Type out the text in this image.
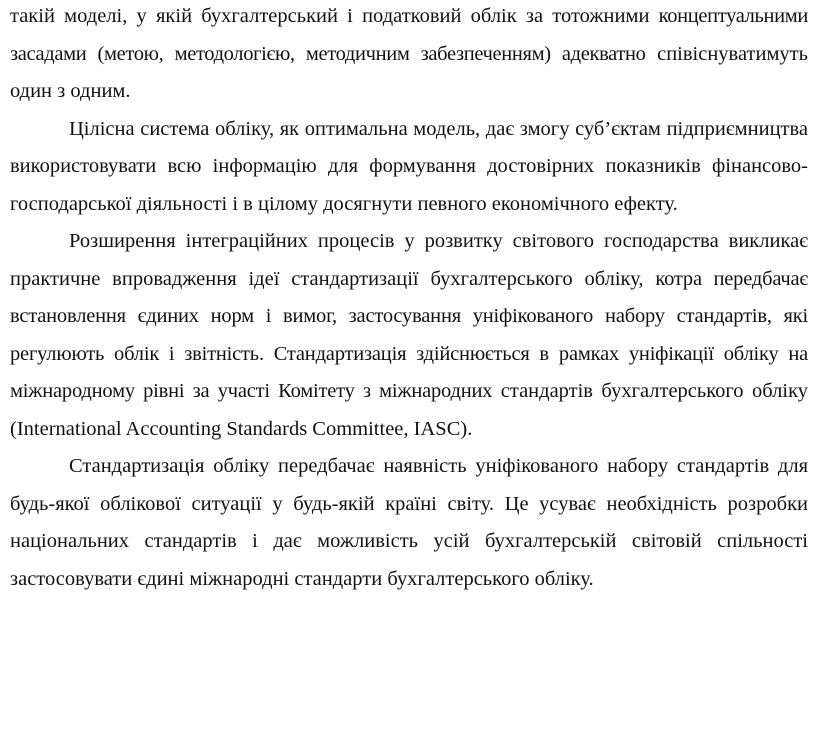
такій моделі, у якій бухгалтерський і податковий облік за тотожними концептуальними засадами (метою, методологією, методичним забезпеченням) адекватно співіснуватимуть один з одним.

Цілісна система обліку, як оптимальна модель, дає змогу суб’єктам підприємництва використовувати всю інформацію для формування достовірних показників фінансово-господарської діяльності і в цілому досягнути певного економічного ефекту.

Розширення інтеграційних процесів у розвитку світового господарства викликає практичне впровадження ідеї стандартизації бухгалтерського обліку, котра передбачає встановлення єдиних норм і вимог, застосування уніфікованого набору стандартів, які регулюють облік і звітність. Стандартизація здійснюється в рамках уніфікації обліку на міжнародному рівні за участі Комітету з міжнародних стандартів бухгалтерського обліку (International Accounting Standards Committee, IASC).

Стандартизація обліку передбачає наявність уніфікованого набору стандартів для будь-якої облікової ситуації у будь-якій країні світу. Це усуває необхідність розробки національних стандартів і дає можливість усій бухгалтерській світовій спільності застосовувати єдині міжнародні стандарти бухгалтерського обліку.
